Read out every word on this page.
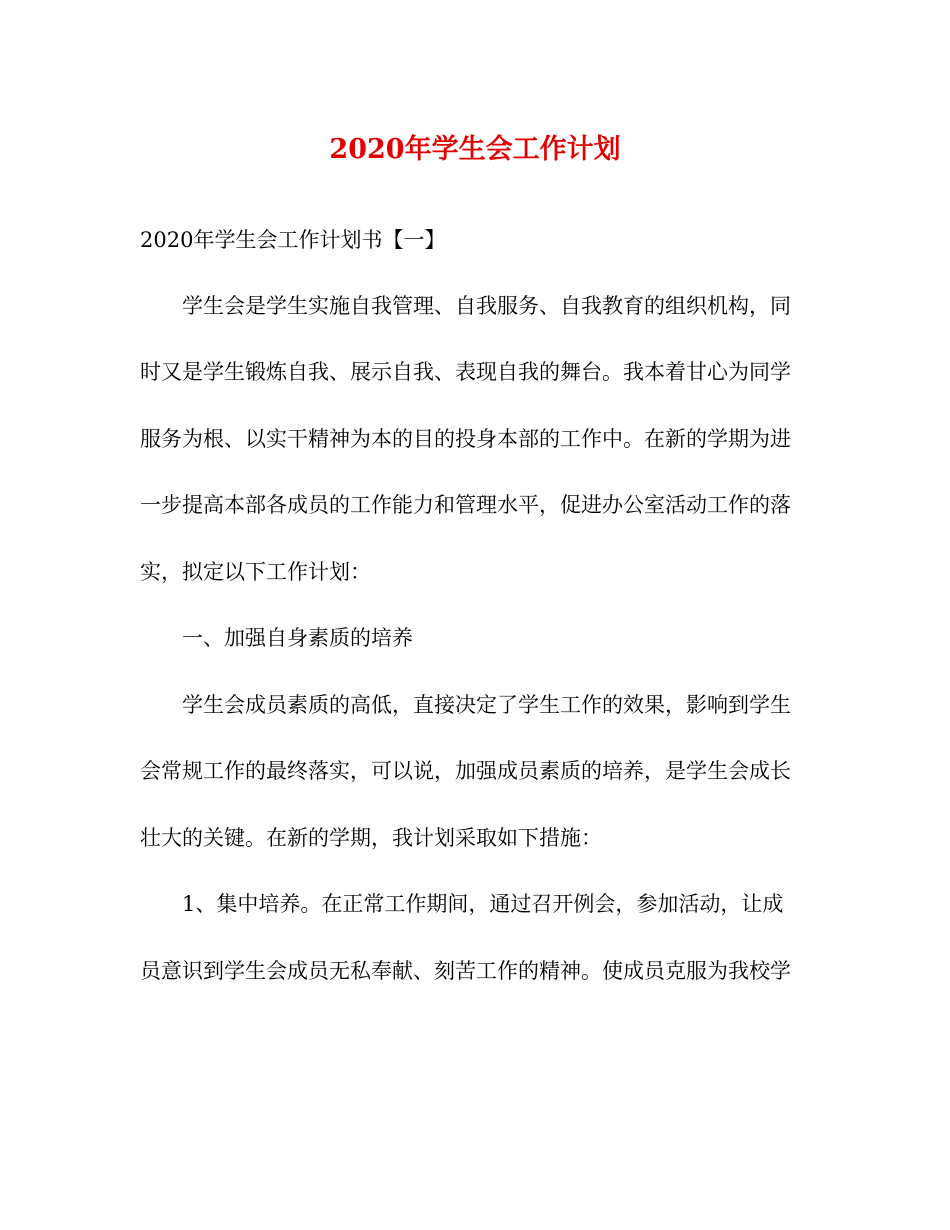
2020年学生会工作计划

2020年学生会工作计划书【一】

学生会是学生实施自我管理、自我服务、自我教育的组织机构，同

时又是学生锻炼自我、展示自我、表现自我的舞台。我本着甘心为同学

服务为根、以实干精神为本的目的投身本部的工作中。在新的学期为进

一步提高本部各成员的工作能力和管理水平，促进办公室活动工作的落

实，拟定以下工作计划：

一、加强自身素质的培养

学生会成员素质的高低，直接决定了学生工作的效果，影响到学生

会常规工作的最终落实，可以说，加强成员素质的培养，是学生会成长

壮大的关键。在新的学期，我计划采取如下措施：

1、集中培养。在正常工作期间，通过召开例会，参加活动，让成

员意识到学生会成员无私奉献、刻苦工作的精神。使成员克服为我校学
